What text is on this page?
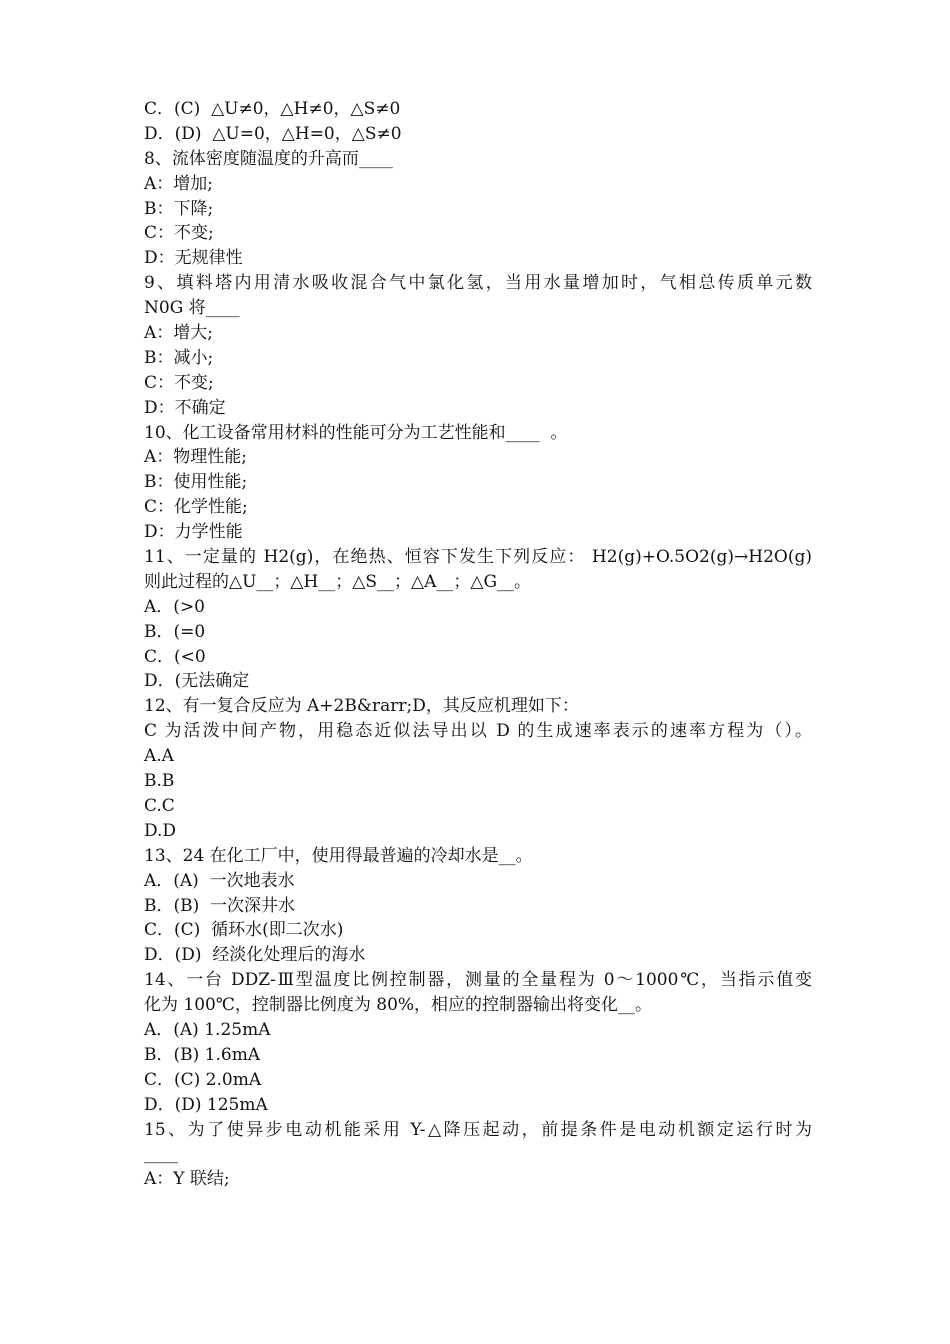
C．(C)  △U≠0，△H≠0，△S≠0
D．(D)  △U=0，△H=0，△S≠0
8、流体密度随温度的升高而____
A：增加;
B：下降;
C：不变;
D：无规律性
9、填料塔内用清水吸收混合气中氯化氢，当用水量增加时，气相总传质单元数
N0G 将____
A：增大;
B：减小;
C：不变;
D：不确定
10、化工设备常用材料的性能可分为工艺性能和____  。
A：物理性能;
B：使用性能;
C：化学性能;
D：力学性能
11、一定量的 H2(g)，在绝热、恒容下发生下列反应： H2(g)+O.5O2(g)→H2O(g)
则此过程的△U__；△H__；△S__；△A__；△G__。
A．(>0
B．(=0
C．(<0
D．(无法确定
12、有一复合反应为 A+2B&rarr;D，其反应机理如下：
C 为活泼中间产物，用稳态近似法导出以 D 的生成速率表示的速率方程为（）。
A.A
B.B
C.C
D.D
13、24 在化工厂中，使用得最普遍的冷却水是__。
A．(A)  一次地表水
B．(B)  一次深井水
C．(C)  循环水(即二次水)
D．(D)  经淡化处理后的海水
14、一台 DDZ-Ⅲ型温度比例控制器，测量的全量程为 0～1000℃，当指示值变
化为 100℃，控制器比例度为 80%，相应的控制器输出将变化__。
A．(A) 1.25mA
B．(B) 1.6mA
C．(C) 2.0mA
D．(D) 125mA
15、为了使异步电动机能采用 Y-△降压起动，前提条件是电动机额定运行时为
____
A：Y 联结;
